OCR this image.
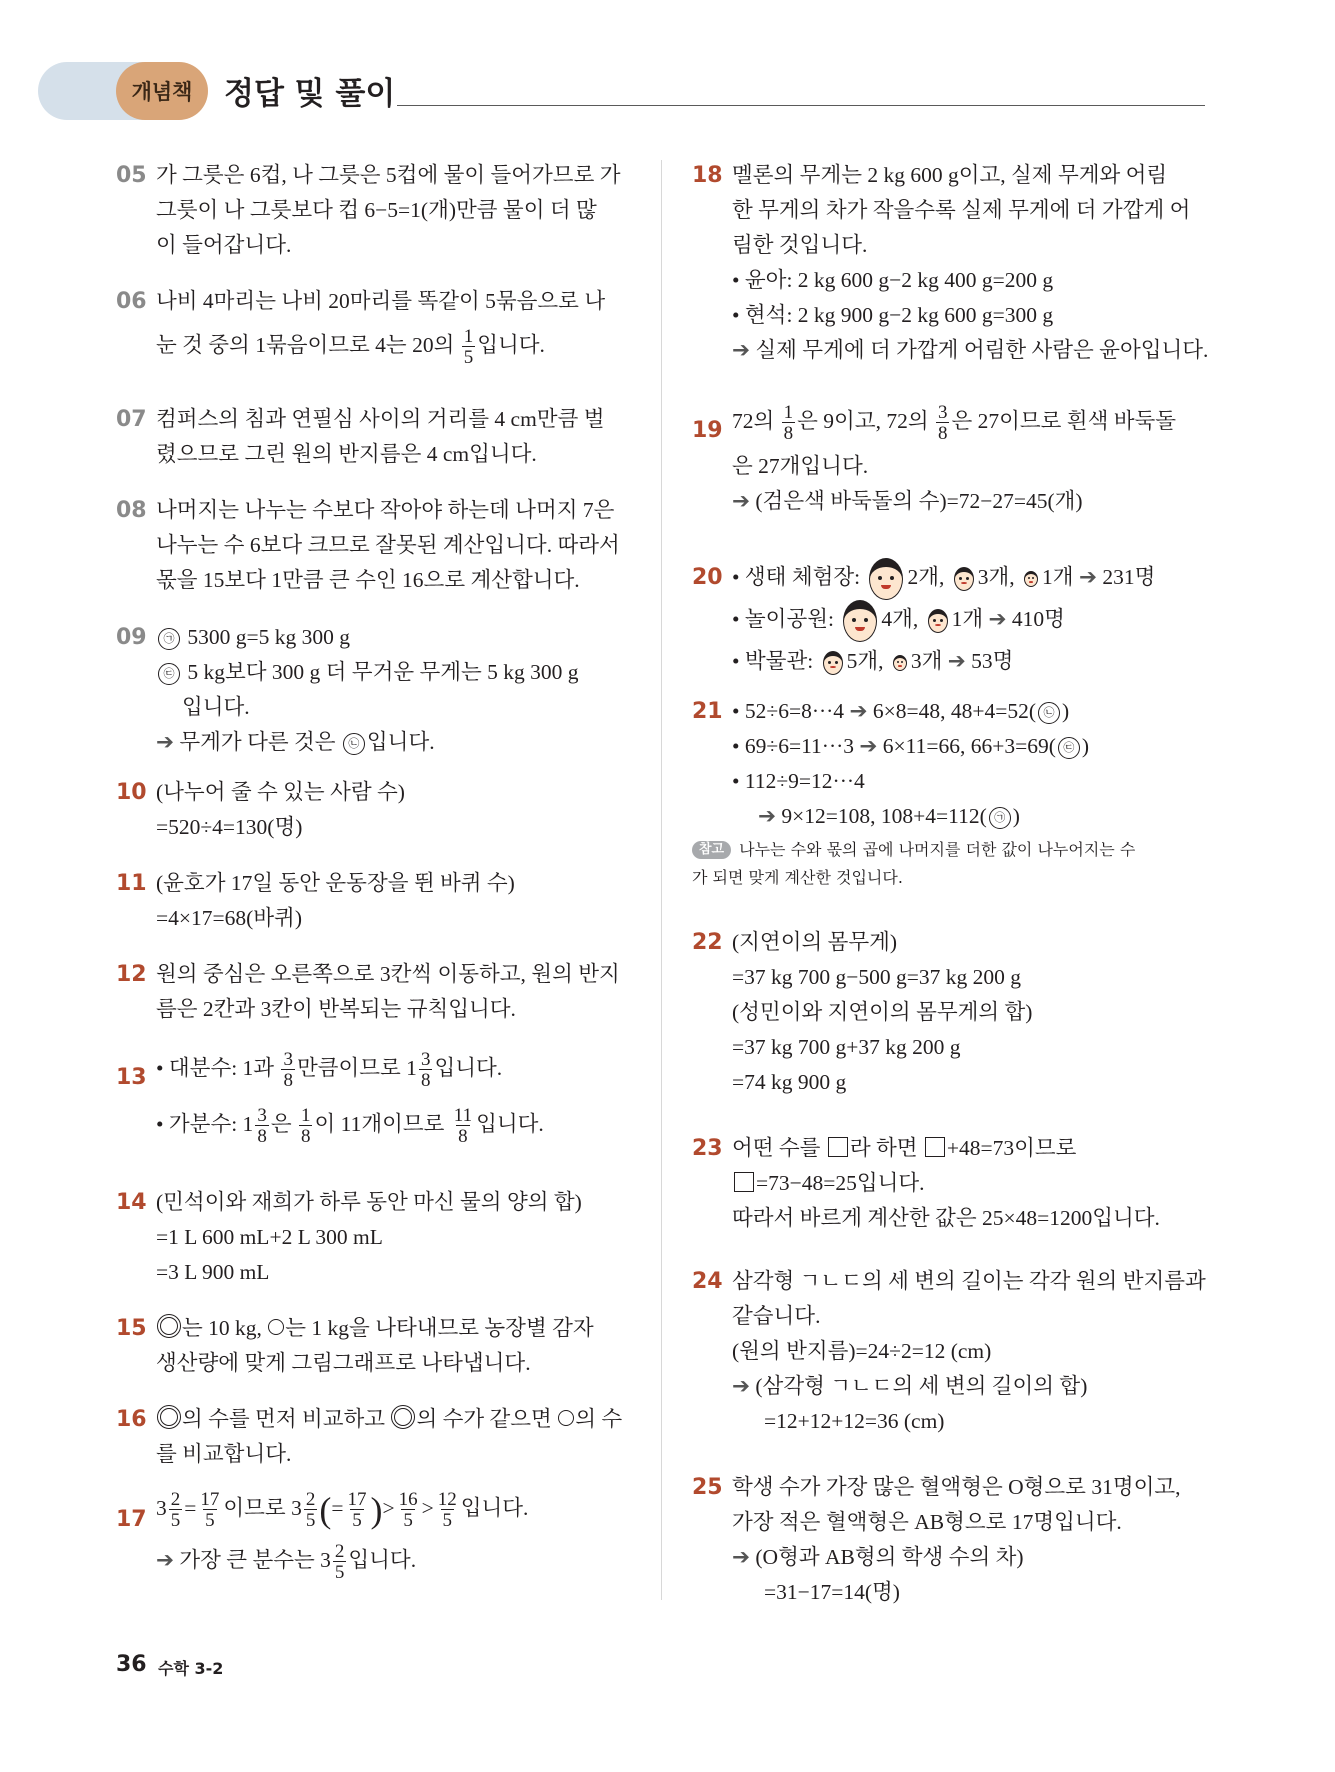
개념책 정답 및 풀이
05 가 그릇은 6컵, 나 그릇은 5컵에 물이 들어가므로 가
그릇이 나 그릇보다 컵 6−5=1(개)만큼 물이 더 많
이 들어갑니다.
06 나비 4마리는 나비 20마리를 똑같이 5묶음으로 나
눈 것 중의 1묶음이므로 4는 20의 $\frac{1}{5}$ 입니다.
07 컴퍼스의 침과 연필심 사이의 거리를 4 cm만큼 벌
렸으므로 그린 원의 반지름은 4 cm입니다.
08 나머지는 나누는 수보다 작아야 하는데 나머지 7은
나누는 수 6보다 크므로 잘못된 계산입니다. 따라서
몫을 15보다 1만큼 큰 수인 16으로 계산합니다.
09	㉠ 5300 g=5 kg 300 g
㉢ 5 kg보다 300 g 더 무거운 무게는 5 kg 300 g
입니다.
➔ 무게가 다른 것은 ㉡ 입니다.
10 (나누어 줄 수 있는 사람 수)
=520÷4=130(명)
11 (윤호가 17일 동안 운동장을 뛴 바퀴 수)
=4×17=68(바퀴)
12 원의 중심은 오른쪽으로 3칸씩 이동하고, 원의 반지
름은 2칸과 3칸이 반복되는 규칙입니다.
13 • 대분수: 1과 $\frac{3}{8}$ 만큼이므로 $1 \frac{3}{8}$ 입니다.
• 가분수: $1 \frac{3}{8}$ 은 $\frac{1}{8}$ 이 11개이므로 $\frac{11}{8}$ 입니다.
14 (민석이와 재희가 하루 동안 마신 물의 양의 합)
=1 L 600 mL+2 L 300 mL
=3 L 900 mL
15	는 10 kg, 는 1 kg을 나타내므로 농장별 감자
생산량에 맞게 그림그래프로 나타냅니다.
16	의 수를 먼저 비교하고 의 수가 같으면 의 수
를 비교합니다.
17 $3 \frac{2}{5} = \frac{17}{5}$ 이므로 $3 \frac{2}{5}$ (= $\frac{17}{5}$ )> $\frac{16}{5} > \frac{12}{5}$ 입니다.
➔ 가장 큰 분수는 $3 \frac{2}{5}$ 입니다.
18 멜론의 무게는 2 kg 600 g이고, 실제 무게와 어림
한 무게의 차가 작을수록 실제 무게에 더 가깝게 어
림한 것입니다.
• 윤아: 2 kg 600 g−2 kg 400 g=200 g
• 현석: 2 kg 900 g−2 kg 600 g=300 g
➔ 실제 무게에 더 가깝게 어림한 사람은 윤아입니다.
19 72의 $\frac{1}{8}$ 은 9이고, 72의 $\frac{3}{8}$ 은 27이므로 흰색 바둑돌
은 27개입니다.
➔ (검은색 바둑돌의 수)=72−27=45(개)
20 • 생태 체험장: 2개, 3개, 1개 ➔ 231명
• 놀이공원: 4개, 1개 ➔ 410명
• 박물관: 5개, 3개 ➔ 53명
21 • 52÷6=8···4 ➔ 6×8=48, 48+4=52( ㉡ )
• 69÷6=11···3 ➔ 6×11=66, 66+3=69( ㉢ )
• 112÷9=12···4
➔ 9×12=108, 108+4=112( ㉠ )
참고 나누는 수와 몫의 곱에 나머지를 더한 값이 나누어지는 수
가 되면 맞게 계산한 것입니다.
22 (지연이의 몸무게)
=37 kg 700 g−500 g=37 kg 200 g
(성민이와 지연이의 몸무게의 합)
=37 kg 700 g+37 kg 200 g
=74 kg 900 g
23 어떤 수를 라 하면 +48=73이므로
=73−48=25입니다.
따라서 바르게 계산한 값은 25×48=1200입니다.
24 삼각형 ㄱㄴㄷ의 세 변의 길이는 각각 원의 반지름과
같습니다.
(원의 반지름)=24÷2=12 (cm)
➔ (삼각형 ㄱㄴㄷ의 세 변의 길이의 합)
=12+12+12=36 (cm)
25 학생 수가 가장 많은 혈액형은 O형으로 31명이고,
가장 적은 혈액형은 AB형으로 17명입니다.
➔ (O형과 AB형의 학생 수의 차)
=31−17=14(명)
36 수학 3-2
